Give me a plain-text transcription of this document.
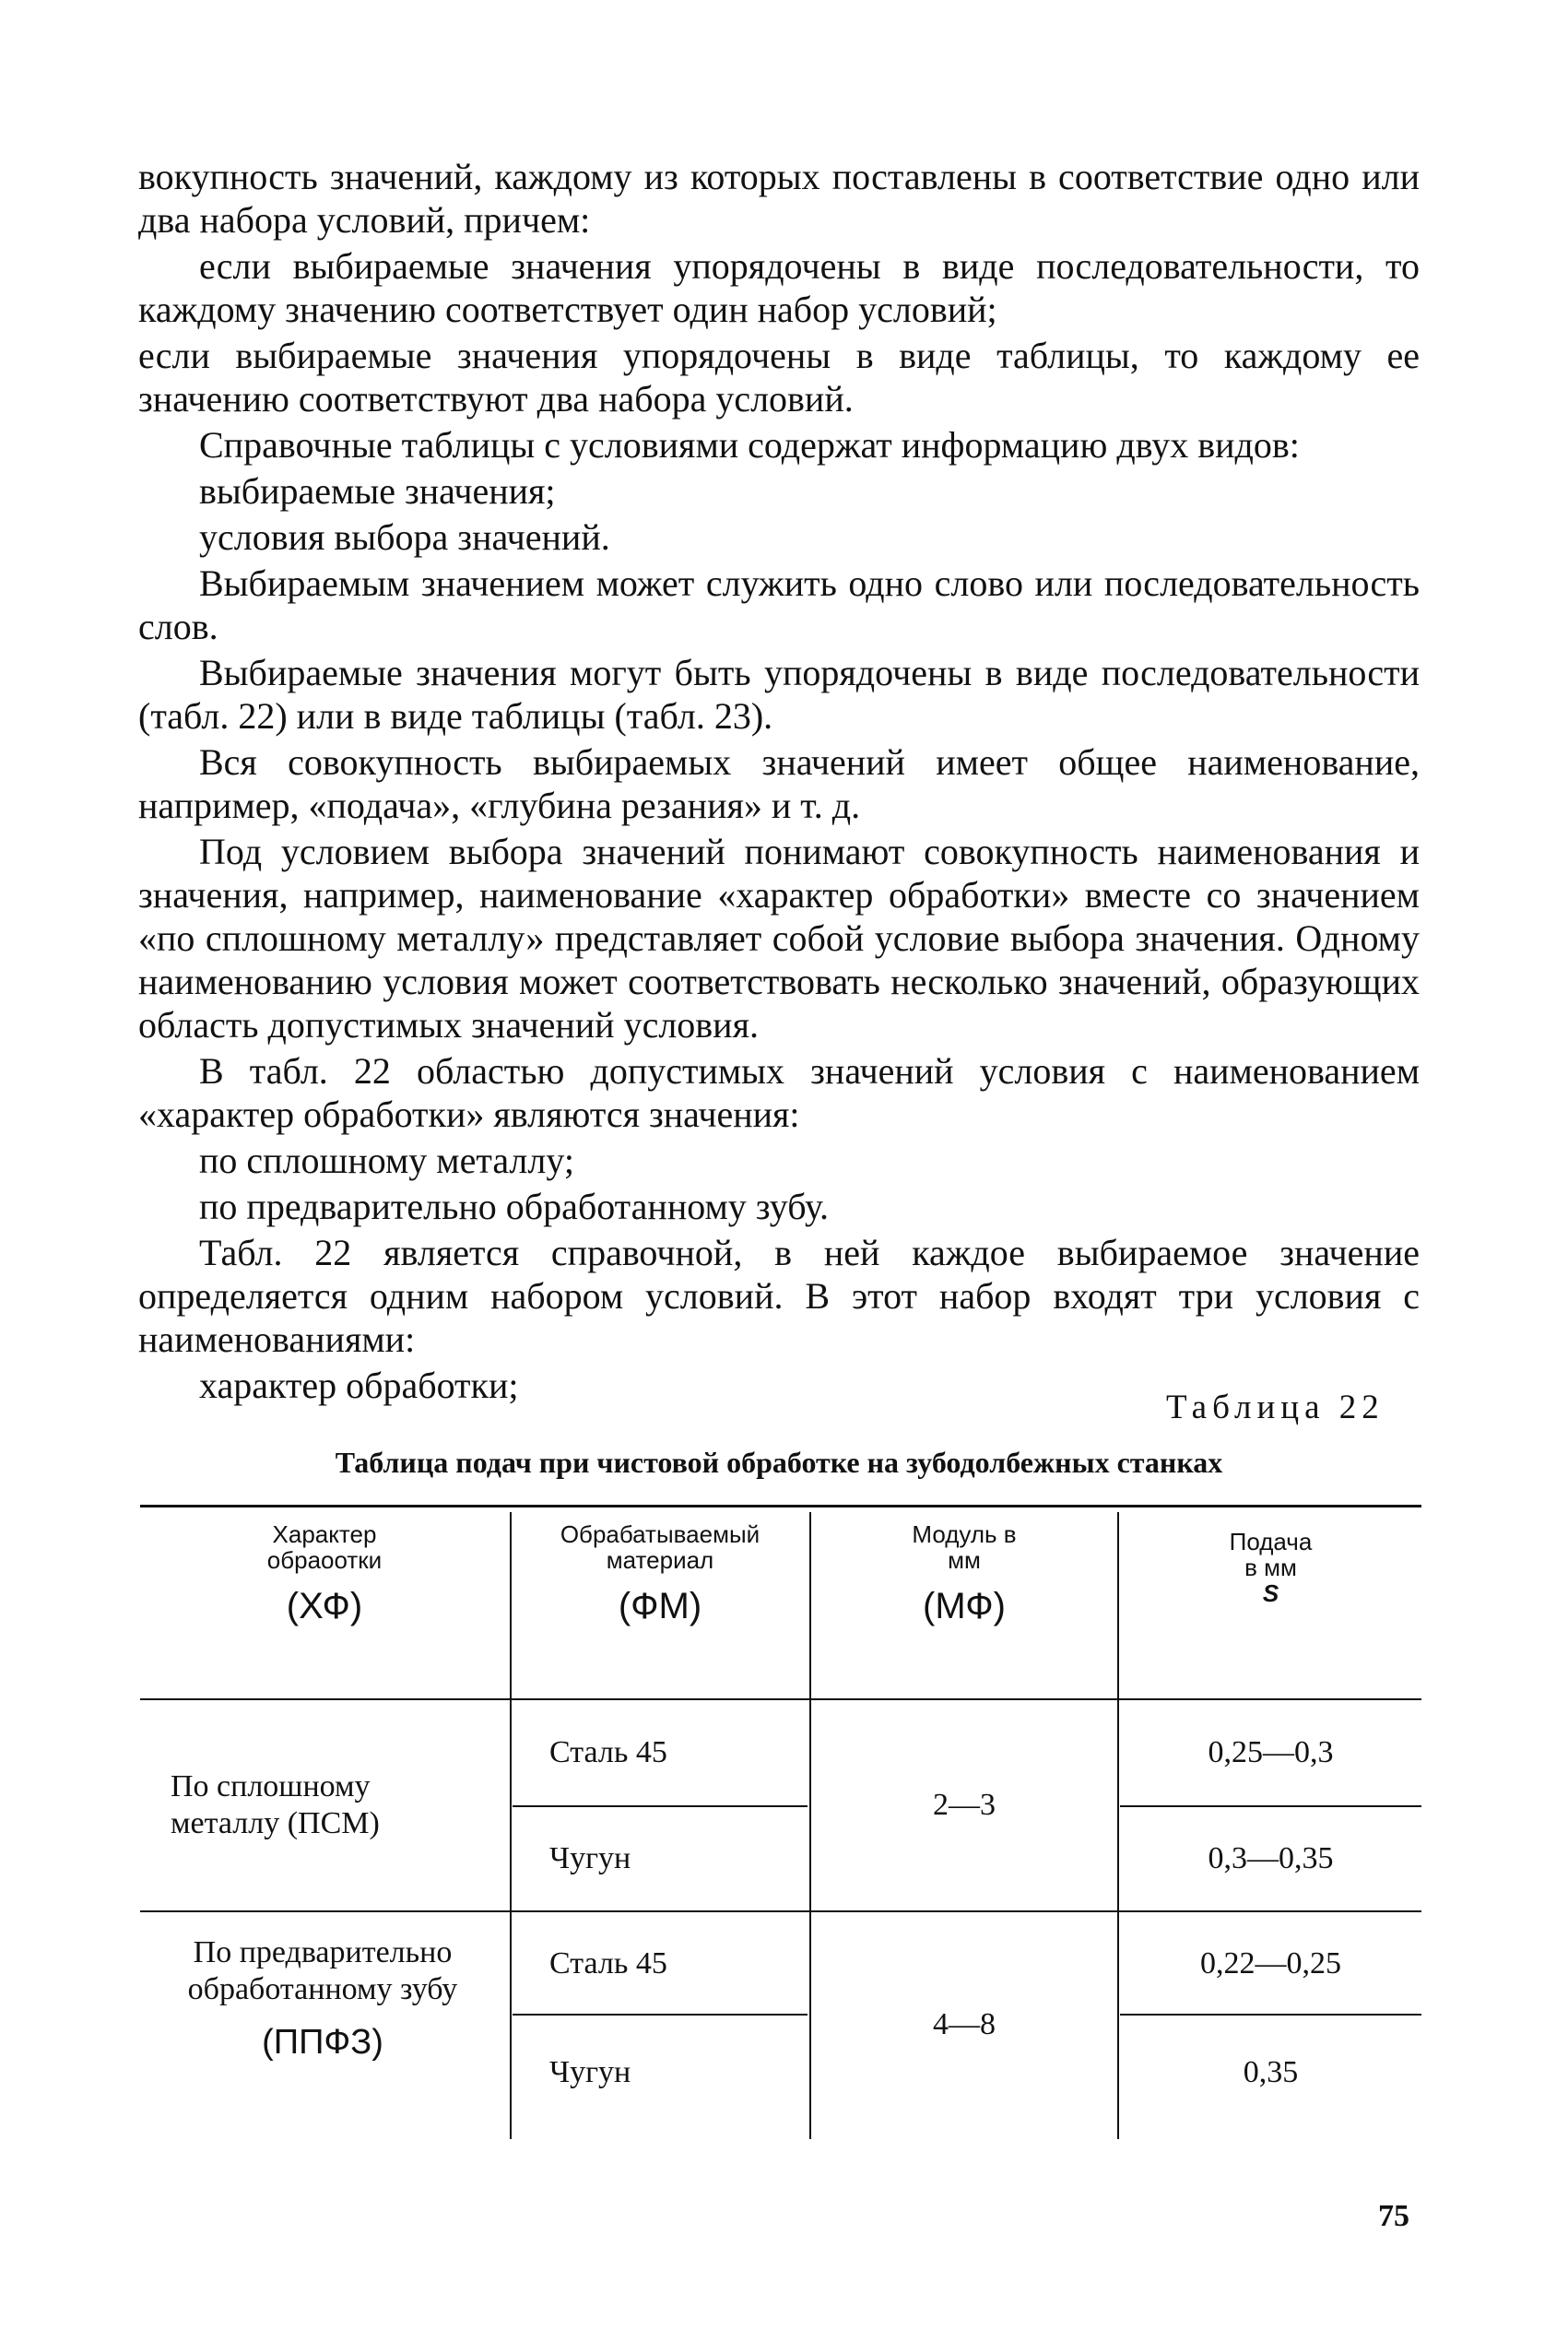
вокупность значений, каждому из которых поставлены в соответствие одно или два набора условий, причем:

если выбираемые значения упорядочены в виде последовательности, то каждому значению соответствует один набор условий;

если выбираемые значения упорядочены в виде таблицы, то каждому ее значению соответствуют два набора условий.

Справочные таблицы с условиями содержат информацию двух видов:

выбираемые значения;

условия выбора значений.

Выбираемым значением может служить одно слово или последовательность слов.

Выбираемые значения могут быть упорядочены в виде последовательности (табл. 22) или в виде таблицы (табл. 23).

Вся совокупность выбираемых значений имеет общее наименование, например, «подача», «глубина резания» и т. д.

Под условием выбора значений понимают совокупность наименования и значения, например, наименование «характер обработки» вместе со значением «по сплошному металлу» представляет собой условие выбора значения. Одному наименованию условия может соответствовать несколько значений, образующих область допустимых значений условия.

В табл. 22 областью допустимых значений условия с наименованием «характер обработки» являются значения:

по сплошному металлу;

по предварительно обработанному зубу.

Табл. 22 является справочной, в ней каждое выбираемое значение определяется одним набором условий. В этот набор входят три условия с наименованиями:

характер обработки;

Таблица 22
Таблица подач при чистовой обработке на зубодолбежных станках
Характер обраоотки
(ХФ)
Обрабатываемый материал
(ФМ)
Модуль в мм
(МФ)
Подача в мм
S
По сплошному металлу (ПСМ)
Сталь 45
Чугун
2—3
0,25—0,3
0,3—0,35
По предварительно обработанному зубу
(ППФЗ)
Сталь 45
Чугун
4—8
0,22—0,25
0,35
75
